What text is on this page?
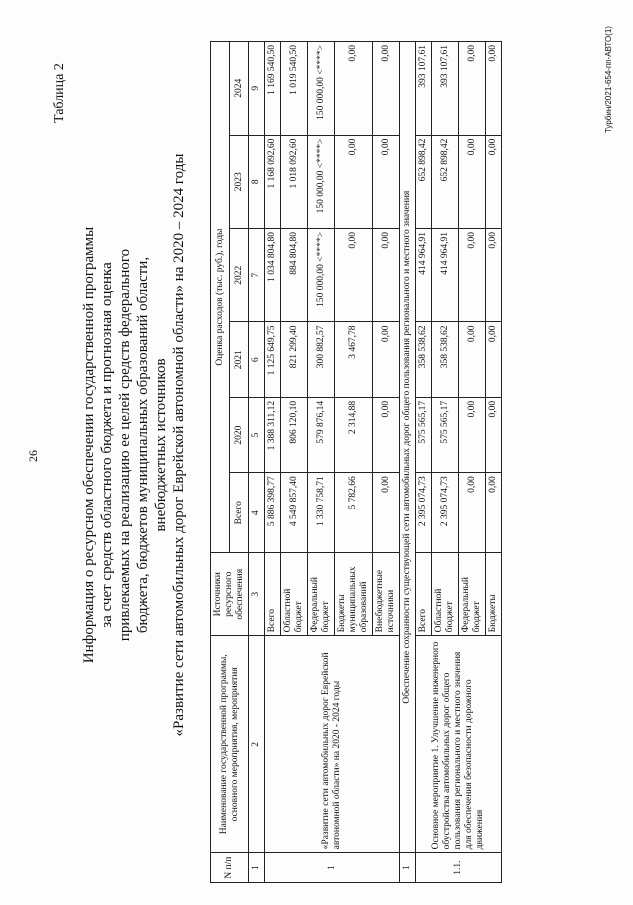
26
Таблица 2
Информация о ресурсном обеспечении государственной программы за счет средств областного бюджета и прогнозная оценка привлекаемых на реализацию ее целей средств федерального бюджета, бюджетов муниципальных образований области, внебюджетных источников «Развитие сети автомобильных дорог Еврейской автономной области» на 2020 – 2024 годы
N п/п	Наименование государственной программы, основного мероприятия, мероприятия	Источники ресурсного обеспечения	Оценка расходов (тыс. руб.), годы					
			Всего	2020	2021	2022	2023	2024
1	2	3	4	5	6	7	8	9
1	«Развитие сети автомобильных дорог Еврейской автономной области» на 2020 - 2024 годы	Всего	5 886 398,77	1 388 311,12	1 125 649,75	1 034 804,80	1 168 092,60	1 169 540,50
		Областной бюджет	4 549 857,40	806 120,10	821 299,40	884 804,80	1 018 092,60	1 019 540,50
		Федеральный бюджет	1 330 758,71	579 876,14	300 882,57	150 000,00 <****>	150 000,00 <****>	150 000,00 <****>
		Бюджеты муниципальных образований	5 782,66	2 314,88	3 467,78	0,00	0,00	0,00
		Внебюджетные источники	0,00	0,00	0,00	0,00	0,00	0,00
1	Обеспечение сохранности существующей сети автомобильных дорог общего пользования регионального и местного значения							
1.1.	Основное мероприятие 1. Улучшение инженерного обустройства автомобильных дорог общего пользования регионального и местного значения для обеспечения безопасности дорожного движения	Всего	2 395 074,73	575 565,17	358 538,62	414 964,91	652 898,42	393 107,61
		Областной бюджет	2 395 074,73	575 565,17	358 538,62	414 964,91	652 898,42	393 107,61
		Федеральный бюджет	0,00	0,00	0,00	0,00	0,00	0,00
		Бюджеты	0,00	0,00	0,00	0,00	0,00	0,00	Турбин/2021-654-пп-АВТО(1)
